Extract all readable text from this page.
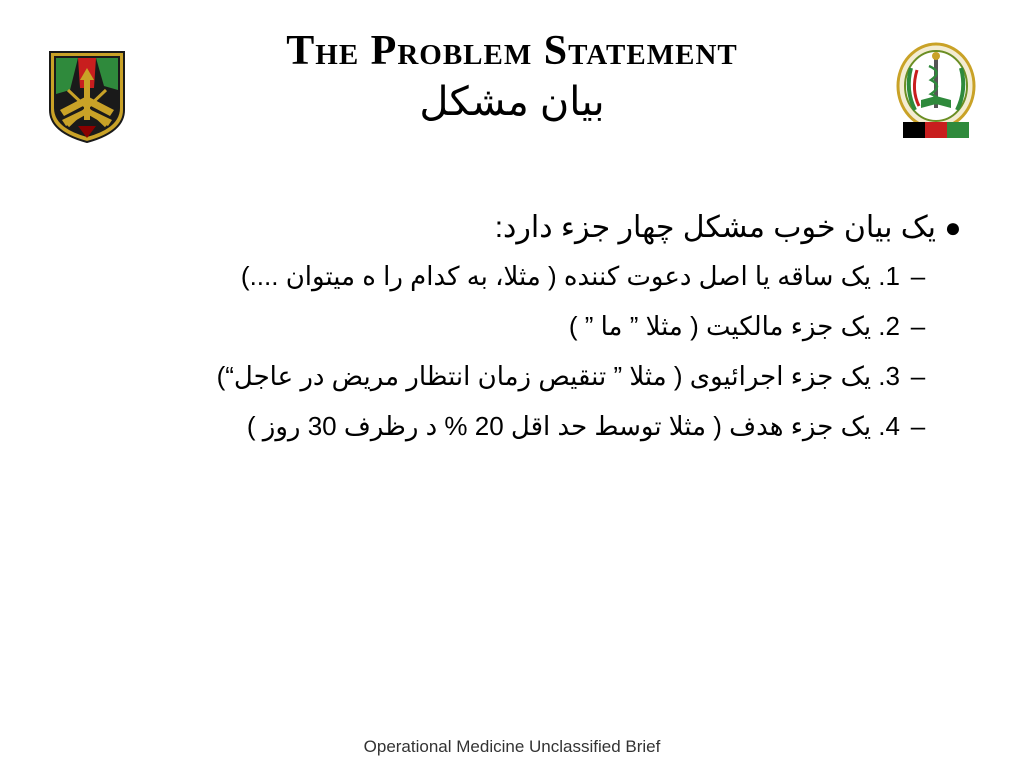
The Problem Statement
بیان مشکل
●
یک بیان خوب مشکل چهار جزء دارد:
–
1. یک ساقه یا اصل دعوت کننده ( مثلا، به کدام را ه میتوان ....)
–
2. یک جزء مالکیت ( مثلا ” ما ” )
–
3. یک جزء اجرائیوی ( مثلا ” تنقیص زمان انتظار مریض در عاجل“)
–
4. یک جزء هدف ( مثلا توسط حد اقل 20 % د رظرف 30 روز )
Operational Medicine Unclassified Brief
